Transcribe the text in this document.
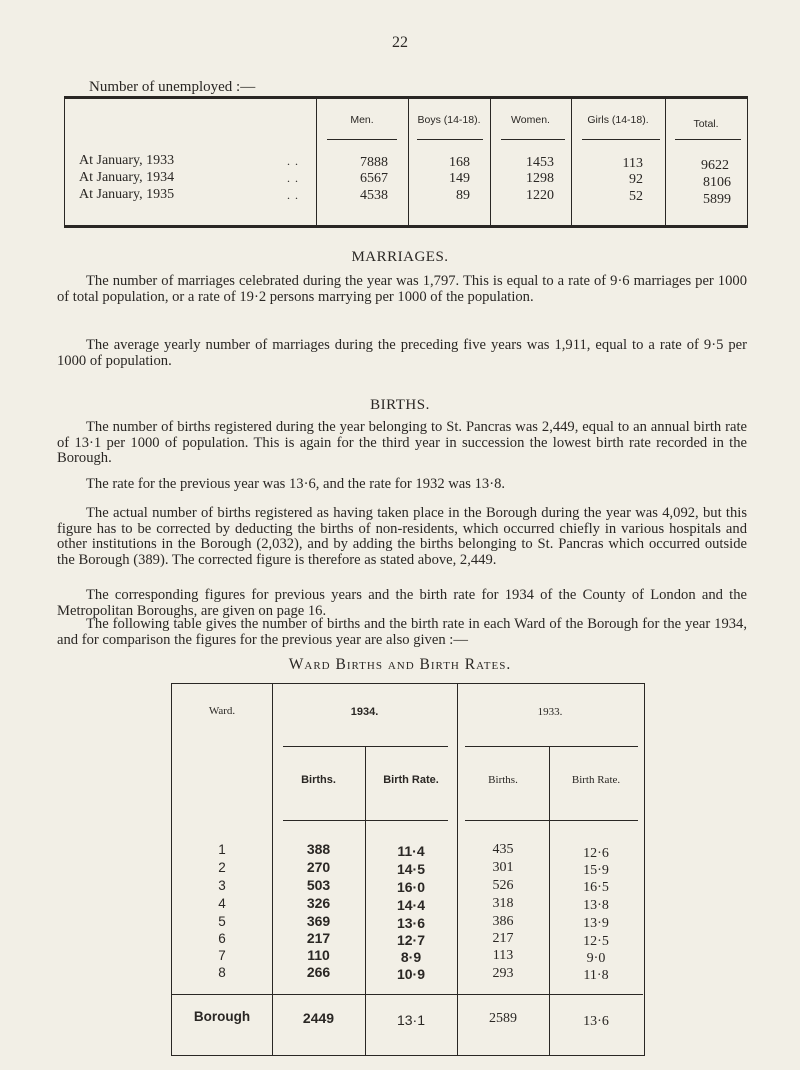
22
Number of unemployed :—
Men.	Boys (14-18).	Women.	Girls (14-18).	Total.
At January, 1933	. .	7888	168	1453	113	9622
At January, 1934	. .	6567	149	1298	92	8106
At January, 1935	. .	4538	89	1220	52	5899
MARRIAGES.

The number of marriages celebrated during the year was 1,797. This is equal to a rate of 9·6 marriages per 1000 of total population, or a rate of 19·2 persons marrying per 1000 of the population.

The average yearly number of marriages during the preceding five years was 1,911, equal to a rate of 9·5 per 1000 of population.

BIRTHS.

The number of births registered during the year belonging to St. Pancras was 2,449, equal to an annual birth rate of 13·1 per 1000 of population. This is again for the third year in succession the lowest birth rate recorded in the Borough.

The rate for the previous year was 13·6, and the rate for 1932 was 13·8.

The actual number of births registered as having taken place in the Borough during the year was 4,092, but this figure has to be corrected by deducting the births of non-residents, which occurred chiefly in various hospitals and other institutions in the Borough (2,032), and by adding the births belonging to St. Pancras which occurred outside the Borough (389). The corrected figure is therefore as stated above, 2,449.

The corresponding figures for previous years and the birth rate for 1934 of the County of London and the Metropolitan Boroughs, are given on page 16.

The following table gives the number of births and the birth rate in each Ward of the Borough for the year 1934, and for comparison the figures for the previous year are also given :—

Ward Births and Birth Rates.
Ward.	1934.	1933.
Births.	Birth Rate.	Births.	Birth Rate.
1	388	11·4	435	12·6
2	270	14·5	301	15·9
3	503	16·0	526	16·5
4	326	14·4	318	13·8
5	369	13·6	386	13·9
6	217	12·7	217	12·5
7	110	8·9	113	9·0
8	266	10·9	293	11·8
Borough	2449	13·1	2589	13·6
